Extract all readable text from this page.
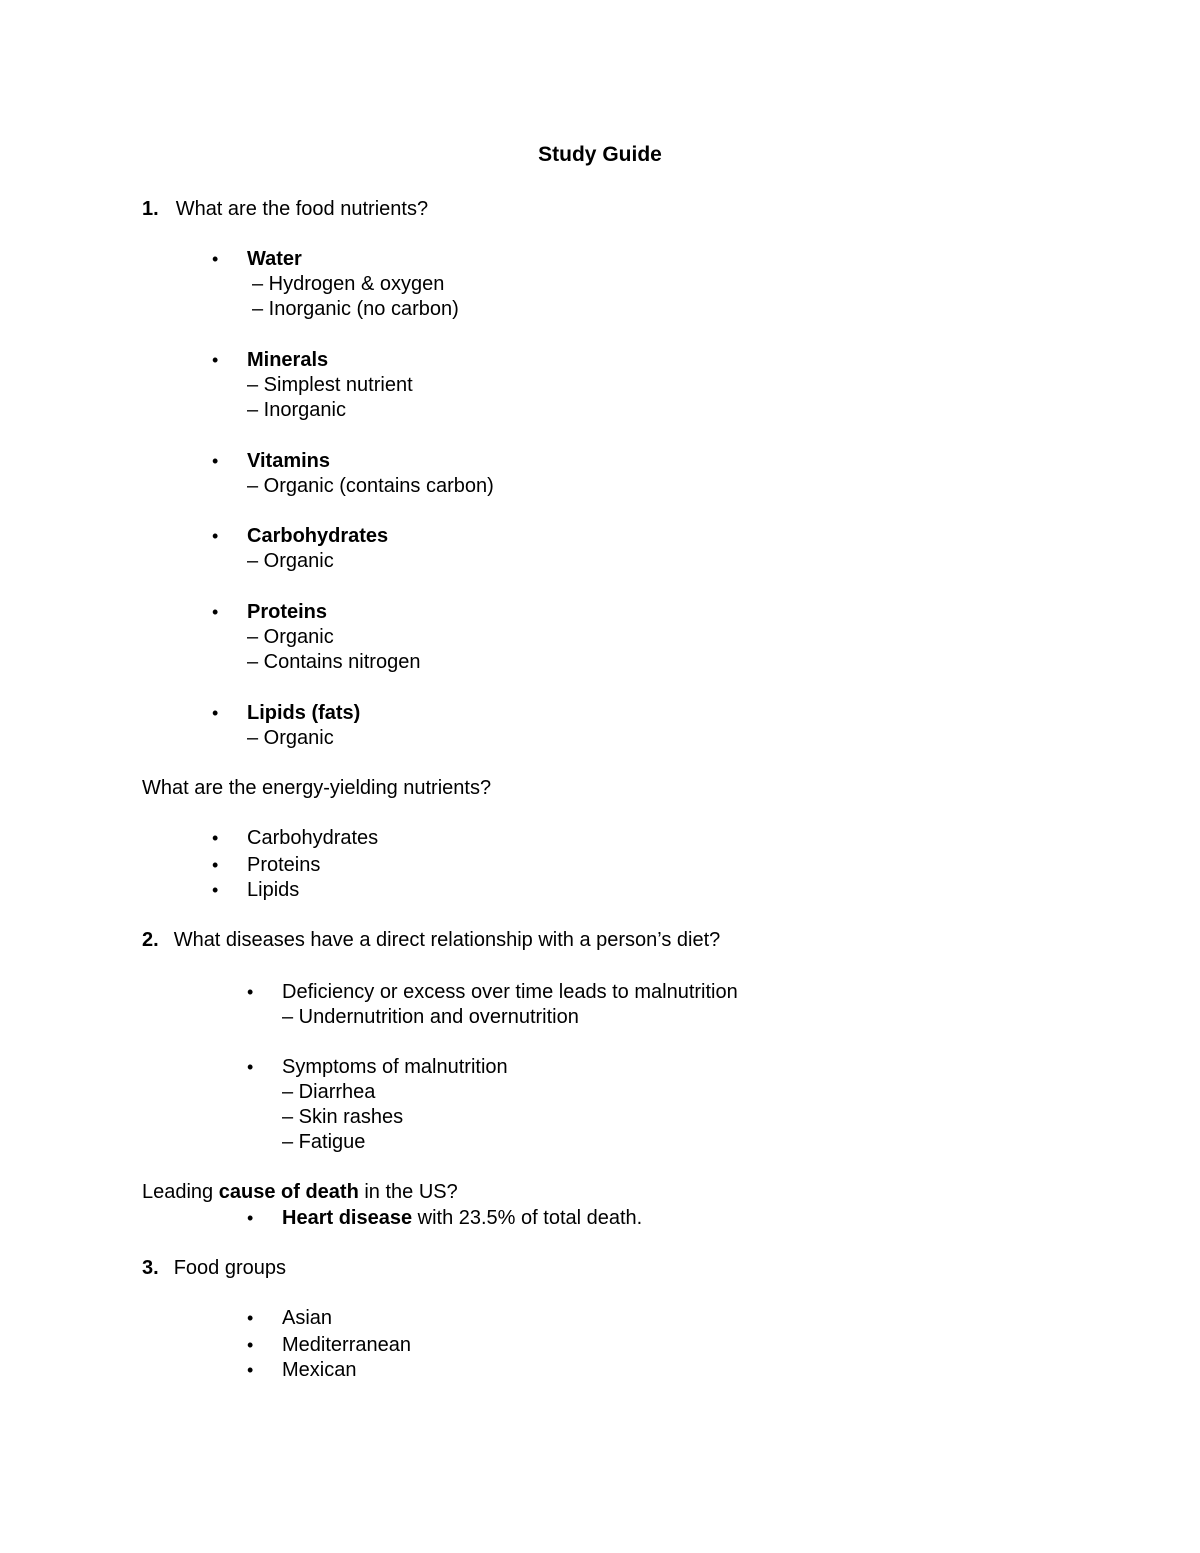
Study Guide
1. What are the food nutrients?
• Water
– Hydrogen & oxygen
– Inorganic (no carbon)
• Minerals
– Simplest nutrient
– Inorganic
• Vitamins
– Organic (contains carbon)
• Carbohydrates
– Organic
• Proteins
– Organic
– Contains nitrogen
• Lipids (fats)
– Organic
What are the energy-yielding nutrients?
• Carbohydrates
• Proteins
• Lipids
2. What diseases have a direct relationship with a person’s diet?
• Deficiency or excess over time leads to malnutrition
– Undernutrition and overnutrition
• Symptoms of malnutrition
– Diarrhea
– Skin rashes
– Fatigue
Leading cause of death in the US?
• Heart disease with 23.5% of total death.
3. Food groups
• Asian
• Mediterranean
• Mexican
